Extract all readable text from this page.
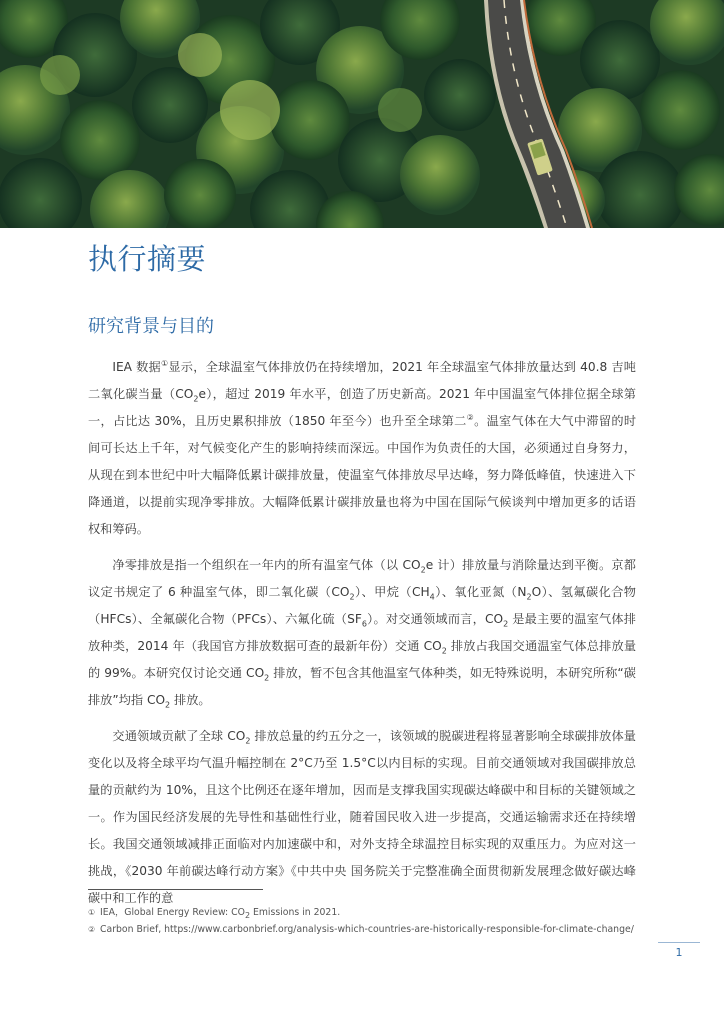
执行摘要
研究背景与目的

IEA 数据①显示，全球温室气体排放仍在持续增加，2021 年全球温室气体排放量达到 40.8 吉吨二氧化碳当量$(CO_2e)$，超过 2019 年水平，创造了历史新高。2021 年中国温室气体排位据全球第一，占比达 30%，且历史累积排放（1850 年至今）也升至全球第二②。温室气体在大气中滞留的时间可长达上千年，对气候变化产生的影响持续而深远。中国作为负责任的大国，必须通过自身努力，从现在到本世纪中叶大幅降低累计碳排放量，使温室气体排放尽早达峰，努力降低峰值，快速进入下降通道，以提前实现净零排放。大幅降低累计碳排放量也将为中国在国际气候谈判中增加更多的话语权和筹码。

净零排放是指一个组织在一年内的所有温室气体（以 $CO_2e$ 计）排放量与消除量达到平衡。京都议定书规定了 6 种温室气体，即二氧化碳$(CO_2)$、甲烷$(CH_4)$、氧化亚氮$(N_2O)$、氢氟碳化合物（HFCs）、全氟碳化合物（PFCs）、六氟化硫$(SF_6)$。对交通领域而言，$CO_2$ 是最主要的温室气体排放种类，2014 年（我国官方排放数据可查的最新年份）交通 $CO_2$ 排放占我国交通温室气体总排放量的 99%。本研究仅讨论交通 $CO_2$ 排放，暂不包含其他温室气体种类，如无特殊说明，本研究所称“碳排放”均指 $CO_2$ 排放。

交通领域贡献了全球 $CO_2$ 排放总量的约五分之一，该领域的脱碳进程将显著影响全球碳排放体量变化以及将全球平均气温升幅控制在 2°C乃至 1.5°C以内目标的实现。目前交通领域对我国碳排放总量的贡献约为 10%，且这个比例还在逐年增加，因而是支撑我国实现碳达峰碳中和目标的关键领域之一。作为国民经济发展的先导性和基础性行业，随着国民收入进一步提高，交通运输需求还在持续增长。我国交通领域减排正面临对内加速碳中和，对外支持全球温控目标实现的双重压力。为应对这一挑战，《2030 年前碳达峰行动方案》《中共中央 国务院关于完整准确全面贯彻新发展理念做好碳达峰碳中和工作的意

① IEA，Global Energy Review: $CO_2$ Emissions in 2021.

② Carbon Brief, https://www.carbonbrief.org/analysis-which-countries-are-historically-responsible-for-climate-change/

1
